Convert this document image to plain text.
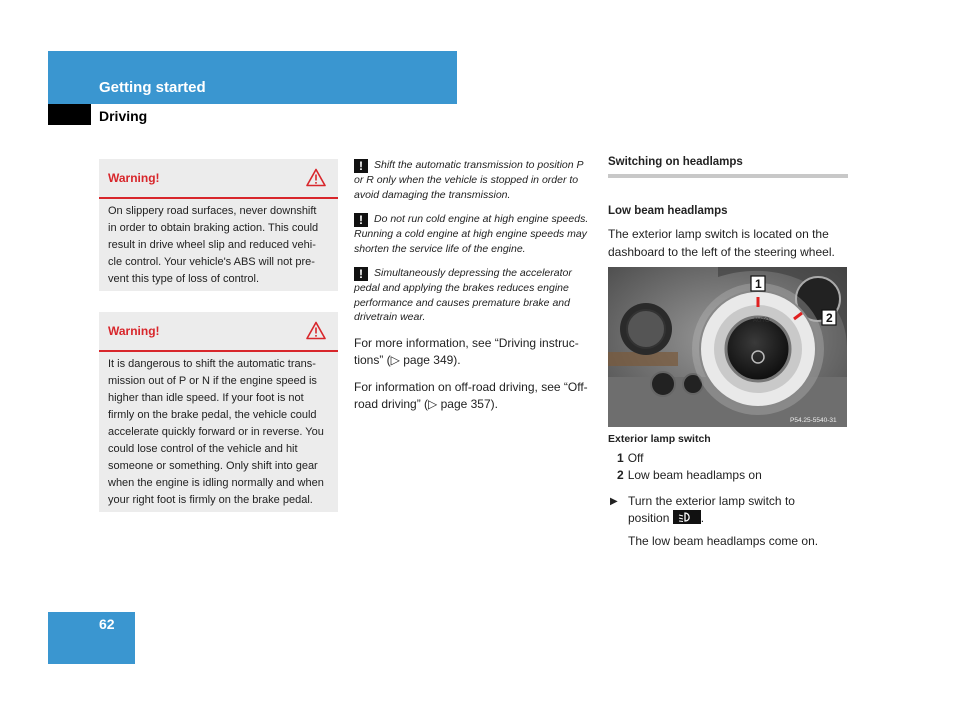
Getting started
Driving
Warning!
On slippery road surfaces, never downshift
in order to obtain braking action. This could
result in drive wheel slip and reduced vehi-
cle control. Your vehicle's ABS will not pre-
vent this type of loss of control.
Warning!
It is dangerous to shift the automatic trans-
mission out of P or N if the engine speed is
higher than idle speed. If your foot is not
firmly on the brake pedal, the vehicle could
accelerate quickly forward or in reverse. You
could lose control of the vehicle and hit
someone or something. Only shift into gear
when the engine is idling normally and when
your right foot is firmly on the brake pedal.
! Shift the automatic transmission to position P or R only when the vehicle is stopped in order to avoid damaging the transmission.
! Do not run cold engine at high engine speeds. Running a cold engine at high engine speeds may shorten the service life of the engine.
! Simultaneously depressing the accelerator pedal and applying the brakes reduces engine performance and causes premature brake and drivetrain wear.
For more information, see “Driving instruc-tions” (▷ page 349).
For information on off-road driving, see “Off-road driving” (▷ page 357).
Switching on headlamps
Low beam headlamps
The exterior lamp switch is located on the dashboard to the left of the steering wheel.
AUTO
1
2
P54.25-5540-31
Exterior lamp switch
1 Off
2 Low beam headlamps on
▶ Turn the exterior lamp switch to
position	.
The low beam headlamps come on.
62
